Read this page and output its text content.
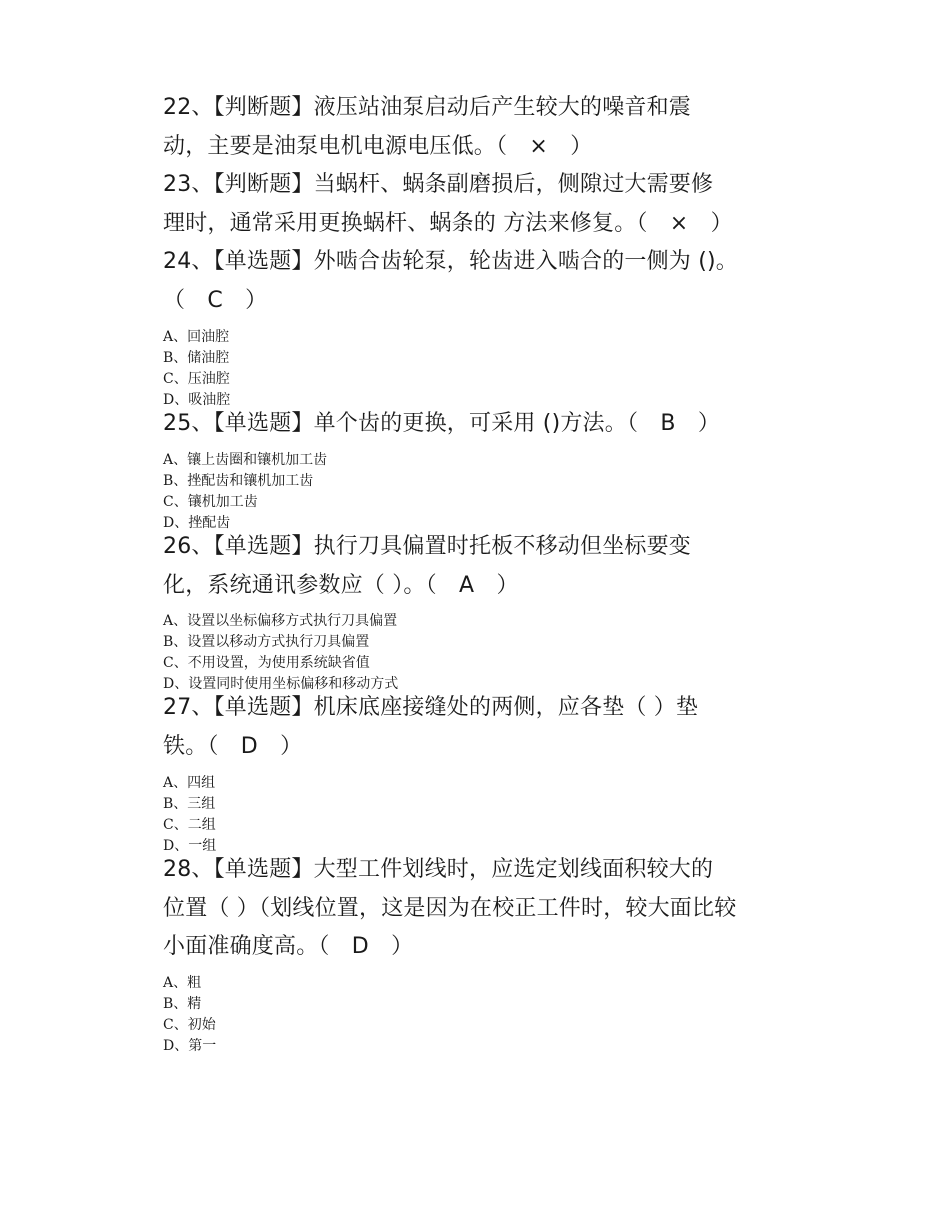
22、【判断题】液压站油泵启动后产生较大的噪音和震
动，主要是油泵电机电源电压低。（　×　）
23、【判断题】当蜗杆、蜗条副磨损后，侧隙过大需要修
理时，通常采用更换蜗杆、蜗条的 方法来修复。（　×　）
24、【单选题】外啮合齿轮泵，轮齿进入啮合的一侧为 ()。
（　C　）
A、回油腔
B、储油腔
C、压油腔
D、吸油腔
25、【单选题】单个齿的更换，可采用 ()方法。（　B　）
A、镶上齿圈和镶机加工齿
B、挫配齿和镶机加工齿
C、镶机加工齿
D、挫配齿
26、【单选题】执行刀具偏置时托板不移动但坐标要变
化，系统通讯参数应（ ）。（　A　）
A、设置以坐标偏移方式执行刀具偏置
B、设置以移动方式执行刀具偏置
C、不用设置，为使用系统缺省值
D、设置同时使用坐标偏移和移动方式
27、【单选题】机床底座接缝处的两侧，应各垫（ ）垫
铁。（　D　）
A、四组
B、三组
C、二组
D、一组
28、【单选题】大型工件划线时，应选定划线面积较大的
位置（ ）（划线位置，这是因为在校正工件时，较大面比较
小面准确度高。（　D　）
A、粗
B、精
C、初始
D、第一
